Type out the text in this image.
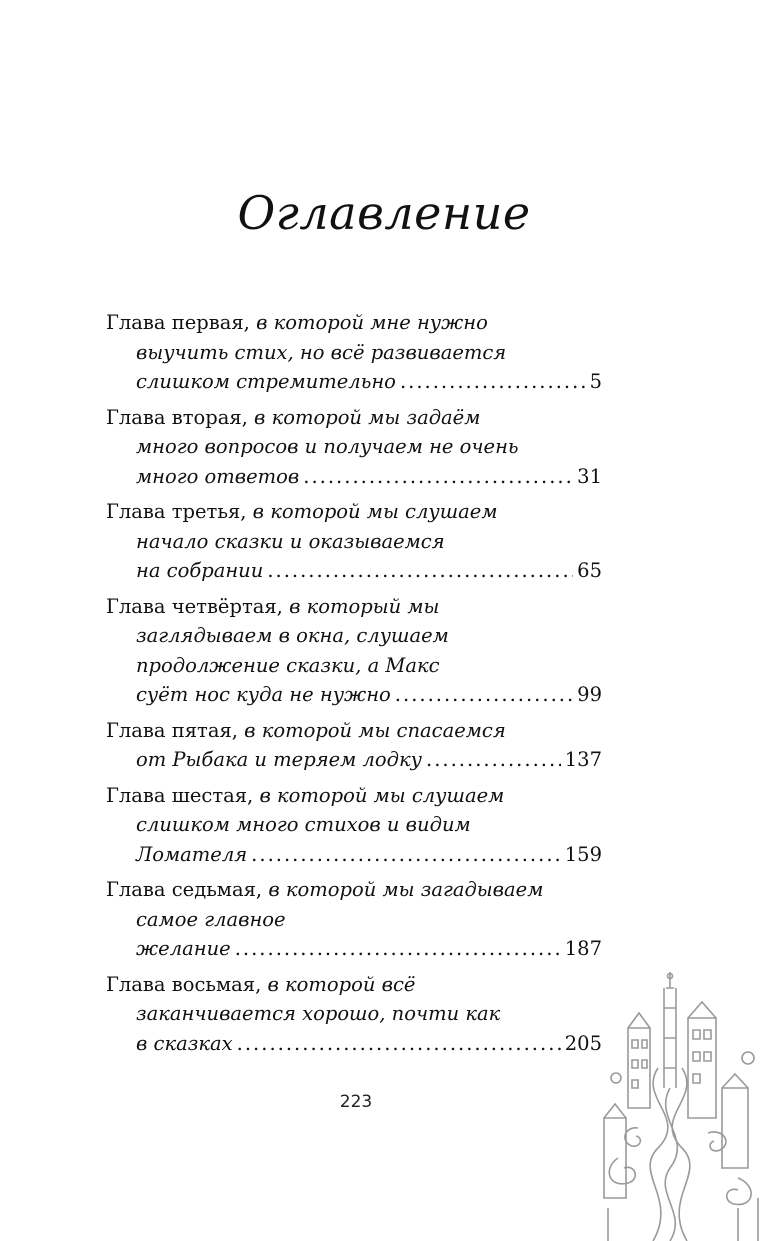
Оглавление
Глава первая, в которой мне нужно
выучить стих, но всё развивается
слишком стремительно .....	5
Глава вторая, в которой мы задаём
много вопросов и получаем не очень
много ответов .....	31
Глава третья, в которой мы слушаем
начало сказки и оказываемся
на собрании .....	65
Глава четвёртая, в который мы
заглядываем в окна, слушаем
продолжение сказки, а Макс
суёт нос куда не нужно .....	99
Глава пятая, в которой мы спасаемся
от Рыбака и теряем лодку .....	137
Глава шестая, в которой мы слушаем
слишком много стихов и видим
Ломателя .....	159
Глава седьмая, в которой мы загадываем
самое главное
желание .....	187
Глава восьмая, в которой всё
заканчивается хорошо, почти как
в сказках .....	205
223
